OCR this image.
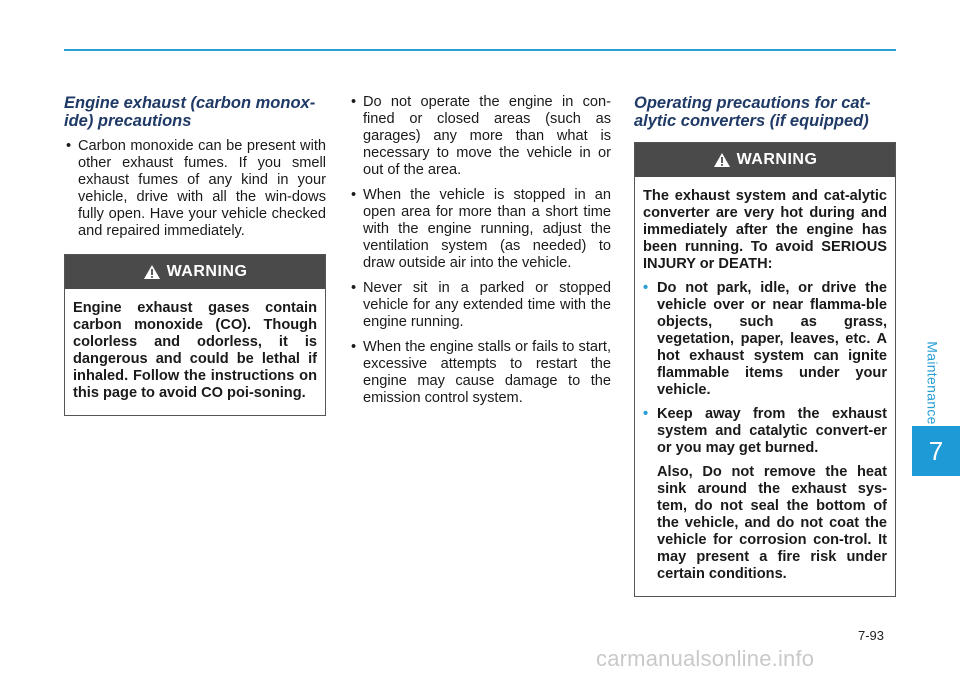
Maintenance
7
Engine exhaust (carbon monox-ide) precautions

• Carbon monoxide can be present with other exhaust fumes. If you smell exhaust fumes of any kind in your vehicle, drive with all the win-dows fully open. Have your vehicle checked and repaired immediately.

WARNING
Engine exhaust gases contain carbon monoxide (CO). Though colorless and odorless, it is dangerous and could be lethal if inhaled. Follow the instructions on this page to avoid CO poi-soning.

• Do not operate the engine in con-fined or closed areas (such as garages) any more than what is necessary to move the vehicle in or out of the area.

• When the vehicle is stopped in an open area for more than a short time with the engine running, adjust the ventilation system (as needed) to draw outside air into the vehicle.

• Never sit in a parked or stopped vehicle for any extended time with the engine running.

• When the engine stalls or fails to start, excessive attempts to restart the engine may cause damage to the emission control system.

Operating precautions for cat-alytic converters (if equipped)
WARNING
The exhaust system and cat-alytic converter are very hot during and immediately after the engine has been running. To avoid SERIOUS INJURY or DEATH:
• Do not park, idle, or drive the vehicle over or near flamma-ble objects, such as grass, vegetation, paper, leaves, etc. A hot exhaust system can ignite flammable items under your vehicle.
• Keep away from the exhaust system and catalytic convert-er or you may get burned.
Also, Do not remove the heat sink around the exhaust sys-tem, do not seal the bottom of the vehicle, and do not coat the vehicle for corrosion con-trol. It may present a fire risk under certain conditions.
7-93
carmanualsonline.info
